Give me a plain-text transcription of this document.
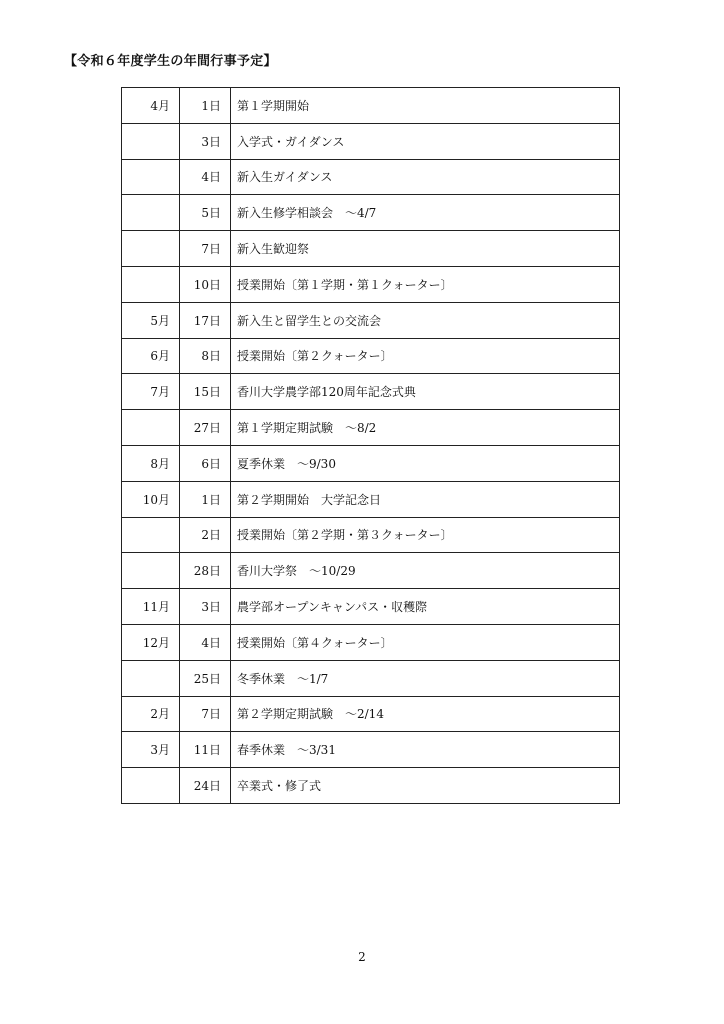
【令和６年度学生の年間行事予定】
4月	1日	第１学期開始
	3日	入学式・ガイダンス
	4日	新入生ガイダンス
	5日	新入生修学相談会　～4/7
	7日	新入生歓迎祭
	10日	授業開始〔第１学期・第１クォーター〕
5月	17日	新入生と留学生との交流会
6月	8日	授業開始〔第２クォーター〕
7月	15日	香川大学農学部120周年記念式典
	27日	第１学期定期試験　～8/2
8月	6日	夏季休業　～9/30
10月	1日	第２学期開始　大学記念日
	2日	授業開始〔第２学期・第３クォーター〕
	28日	香川大学祭　～10/29
11月	3日	農学部オープンキャンパス・収穫際
12月	4日	授業開始〔第４クォーター〕
	25日	冬季休業　～1/7
2月	7日	第２学期定期試験　～2/14
3月	11日	春季休業　～3/31
	24日	卒業式・修了式
2
